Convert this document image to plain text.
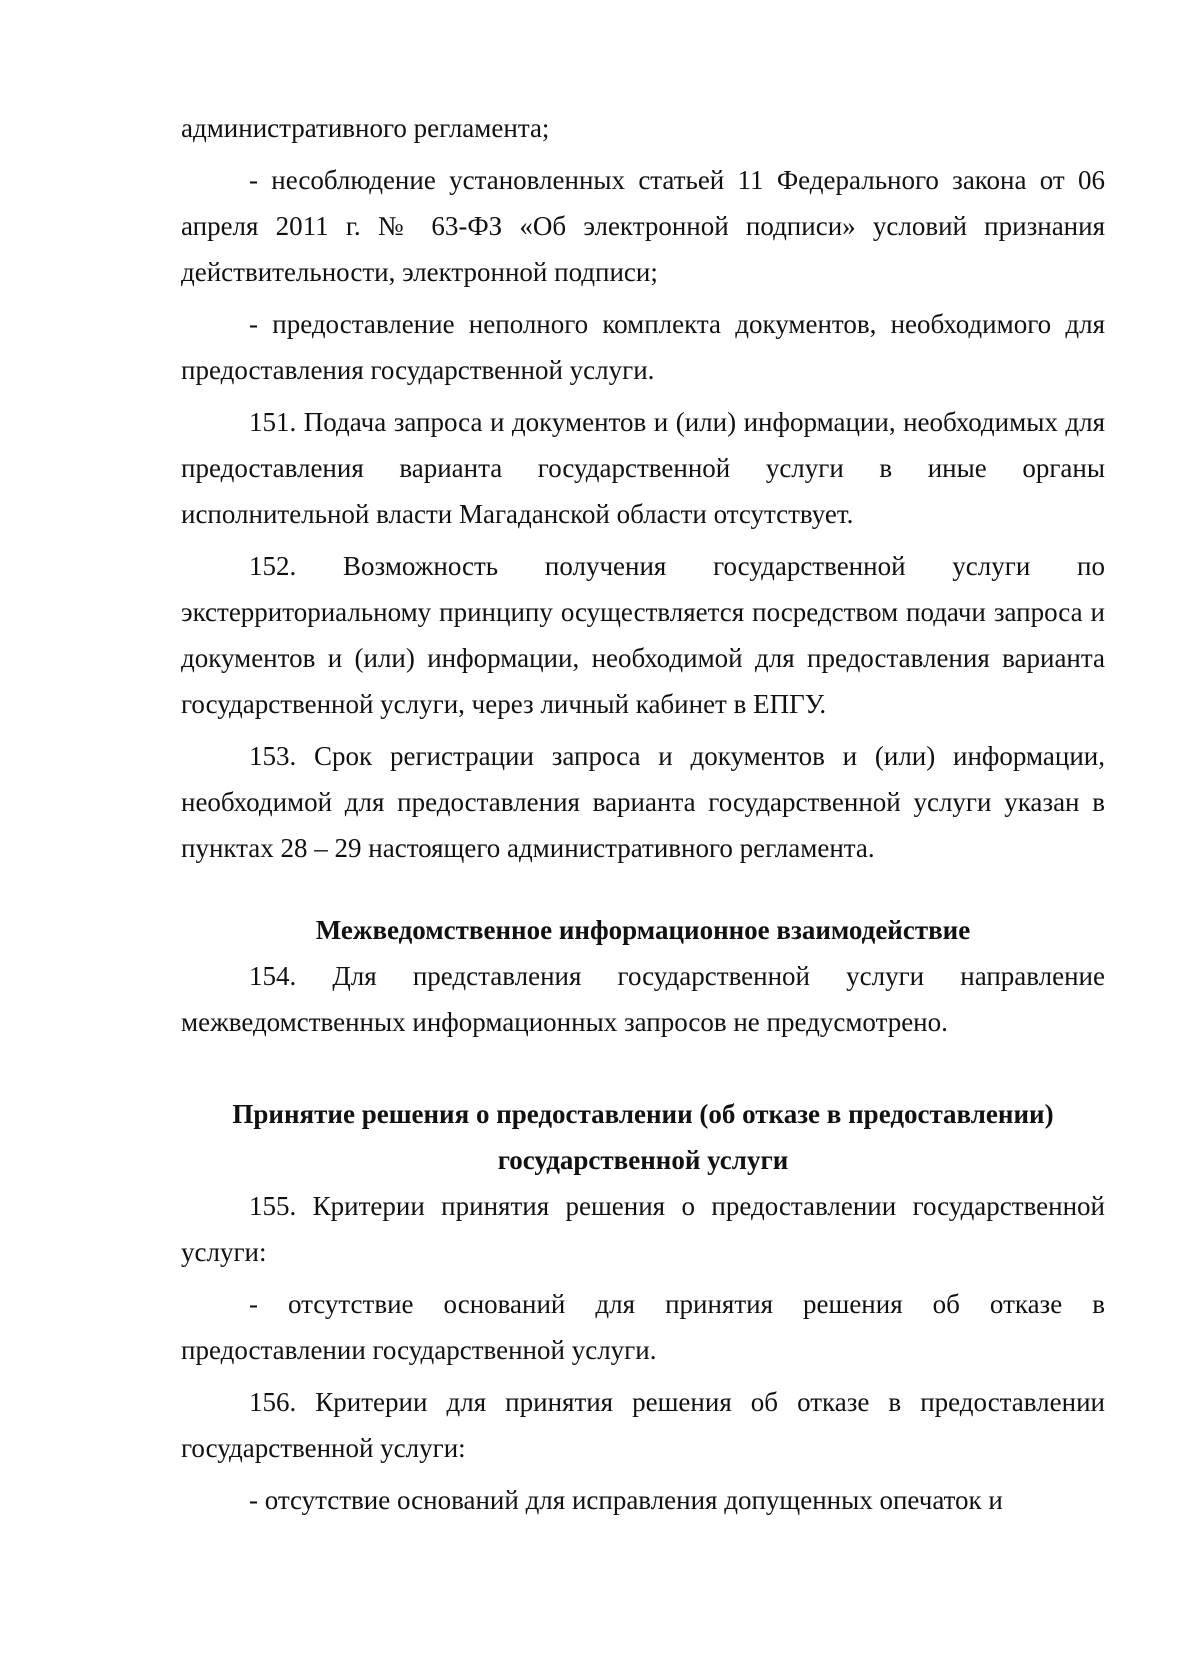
административного регламента;

- несоблюдение установленных статьей 11 Федерального закона от 06 апреля 2011 г. № 63-ФЗ «Об электронной подписи» условий признания действительности, электронной подписи;

- предоставление неполного комплекта документов, необходимого для предоставления государственной услуги.

151. Подача запроса и документов и (или) информации, необходимых для предоставления варианта государственной услуги в иные органы исполнительной власти Магаданской области отсутствует.

152. Возможность получения государственной услуги по экстерриториальному принципу осуществляется посредством подачи запроса и документов и (или) информации, необходимой для предоставления варианта государственной услуги, через личный кабинет в ЕПГУ.

153. Срок регистрации запроса и документов и (или) информации, необходимой для предоставления варианта государственной услуги указан в пунктах 28 – 29 настоящего административного регламента.

Межведомственное информационное взаимодействие

154. Для представления государственной услуги направление межведомственных информационных запросов не предусмотрено.

Принятие решения о предоставлении (об отказе в предоставлении)

государственной услуги

155. Критерии принятия решения о предоставлении государственной услуги:

- отсутствие оснований для принятия решения об отказе в предоставлении государственной услуги.

156. Критерии для принятия решения об отказе в предоставлении государственной услуги:

- отсутствие оснований для исправления допущенных опечаток и
